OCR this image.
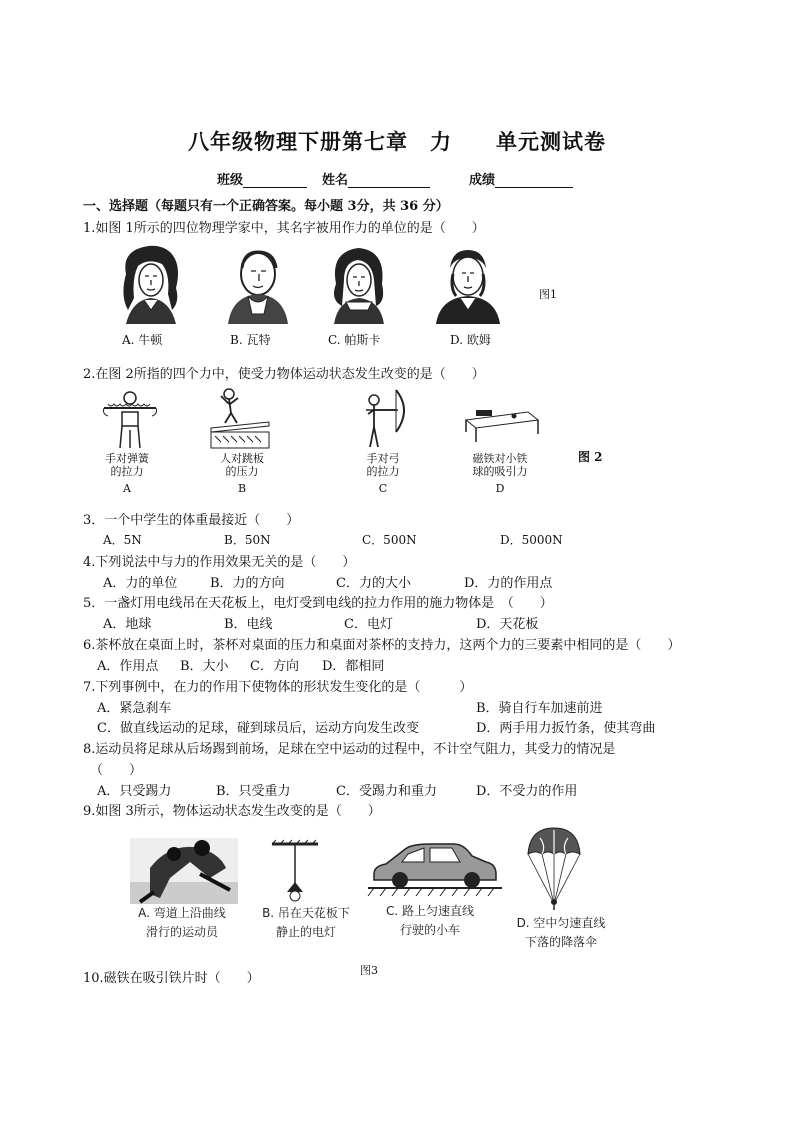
八年级物理下册第七章　力　　单元测试卷
班级	姓名	成绩
一、选择题（每题只有一个正确答案。每小题 3分，共 36 分）
1.如图 1所示的四位物理学家中，其名字被用作力的单位的是（　　）
图1
A. 牛顿	B. 瓦特	C. 帕斯卡	D. 欧姆
2.在图 2所指的四个力中，使受力物体运动状态发生改变的是（　　）
手对弹簧
的拉力
A
人对跳板
的压力
B
手对弓
的拉力
C
磁铁对小铁
球的吸引力
D
图 2
3．一个中学生的体重最接近（　　）
A．5N	B．50N	C．500N	D．5000N
4.下列说法中与力的作用效果无关的是（　　）
A．力的单位	B．力的方向	C．力的大小	D．力的作用点
5．一盏灯用电线吊在天花板上，电灯受到电线的拉力作用的施力物体是　（　　）
A．地球	B．电线	C．电灯	D．天花板
6.茶杯放在桌面上时，茶杯对桌面的压力和桌面对茶杯的支持力，这两个力的三要素中相同的是（　　）
A．作用点 B．大小 C．方向 D．都相同
7.下列事例中，在力的作用下使物体的形状发生变化的是（　　　）
A．紧急刹车	B．骑自行车加速前进
C．做直线运动的足球，碰到球员后，运动方向发生改变	D．两手用力扳竹条，使其弯曲
8.运动员将足球从后场踢到前场，足球在空中运动的过程中，不计空气阻力，其受力的情况是
（　　）
A．只受踢力	B．只受重力	C．受踢力和重力	D．不受力的作用
9.如图 3所示，物体运动状态发生改变的是（　　）
A. 弯道上沿曲线
滑行的运动员
B. 吊在天花板下
静止的电灯
C. 路上匀速直线
行驶的小车	D. 空中匀速直线
下落的降落伞
图3
10.磁铁在吸引铁片时（　　）
